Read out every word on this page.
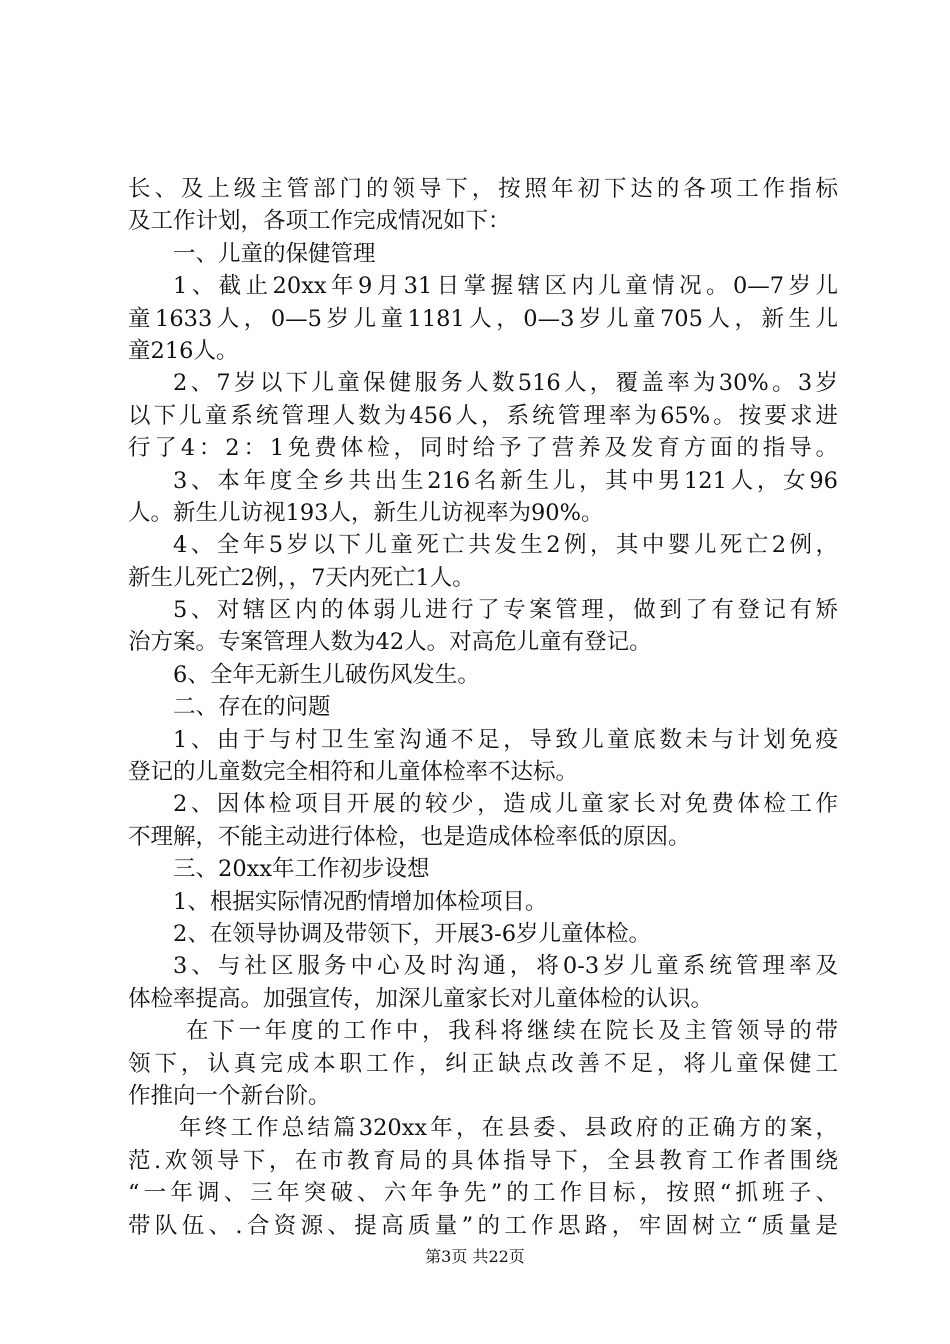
长、及上级主管部门的领导下，按照年初下达的各项工作指标
及工作计划，各项工作完成情况如下：
一、儿童的保健管理
1、截止20xx年9月31日掌握辖区内儿童情况。0—7岁儿
童1633人，0—5岁儿童1181人，0—3岁儿童705人，新生儿
童216人。
2、7岁以下儿童保健服务人数516人，覆盖率为30%。3岁
以下儿童系统管理人数为456人，系统管理率为65%。按要求进
行了4：2：1免费体检，同时给予了营养及发育方面的指导。
3、本年度全乡共出生216名新生儿，其中男121人，女96
人。新生儿访视193人，新生儿访视率为90%。
4、全年5岁以下儿童死亡共发生2例，其中婴儿死亡2例，
新生儿死亡2例，，7天内死亡1人。
5、对辖区内的体弱儿进行了专案管理，做到了有登记有矫
治方案。专案管理人数为42人。对高危儿童有登记。
6、全年无新生儿破伤风发生。
二、存在的问题
1、由于与村卫生室沟通不足，导致儿童底数未与计划免疫
登记的儿童数完全相符和儿童体检率不达标。
2、因体检项目开展的较少，造成儿童家长对免费体检工作
不理解，不能主动进行体检，也是造成体检率低的原因。
三、20xx年工作初步设想
1、根据实际情况酌情增加体检项目。
2、在领导协调及带领下，开展3-6岁儿童体检。
3、与社区服务中心及时沟通，将0-3岁儿童系统管理率及
体检率提高。加强宣传，加深儿童家长对儿童体检的认识。
在下一年度的工作中，我科将继续在院长及主管领导的带
领下，认真完成本职工作，纠正缺点改善不足，将儿童保健工
作推向一个新台阶。
年终工作总结篇320xx年，在县委、县政府的正确方的案，
范.欢领导下，在市教育局的具体指导下，全县教育工作者围绕
“一年调、三年突破、六年争先”的工作目标，按照“抓班子、
带队伍、.合资源、提高质量”的工作思路，牢固树立“质量是
第3页 共22页
